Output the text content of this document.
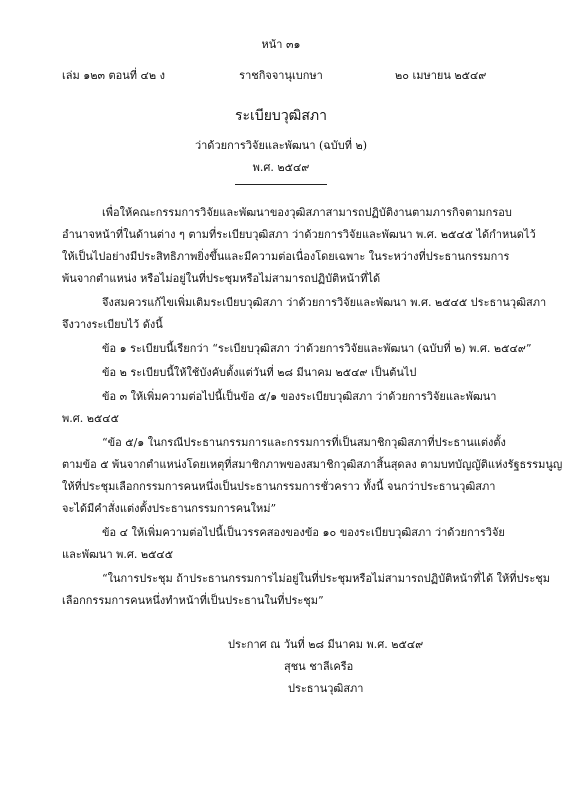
หน้า ๓๑
เล่ม ๑๒๓ ตอนที่ ๔๒ ง	ราชกิจจานุเบกษา	๒๐ เมษายน ๒๕๔๙
ระเบียบวุฒิสภา
ว่าด้วยการวิจัยและพัฒนา (ฉบับที่ ๒)
พ.ศ. ๒๕๔๙
เพื่อให้คณะกรรมการวิจัยและพัฒนาของวุฒิสภาสามารถปฏิบัติงานตามภารกิจตามกรอบ
อำนาจหน้าที่ในด้านต่าง ๆ ตามที่ระเบียบวุฒิสภา ว่าด้วยการวิจัยและพัฒนา พ.ศ. ๒๕๔๕ ได้กำหนดไว้
ให้เป็นไปอย่างมีประสิทธิภาพยิ่งขึ้นและมีความต่อเนื่องโดยเฉพาะ ในระหว่างที่ประธานกรรมการ
พ้นจากตำแหน่ง หรือไม่อยู่ในที่ประชุมหรือไม่สามารถปฏิบัติหน้าที่ได้
จึงสมควรแก้ไขเพิ่มเติมระเบียบวุฒิสภา ว่าด้วยการวิจัยและพัฒนา พ.ศ. ๒๕๔๕ ประธานวุฒิสภา
จึงวางระเบียบไว้ ดังนี้
ข้อ ๑ ระเบียบนี้เรียกว่า “ระเบียบวุฒิสภา ว่าด้วยการวิจัยและพัฒนา (ฉบับที่ ๒) พ.ศ. ๒๕๔๙”
ข้อ ๒ ระเบียบนี้ให้ใช้บังคับตั้งแต่วันที่ ๒๘ มีนาคม ๒๕๔๙ เป็นต้นไป
ข้อ ๓ ให้เพิ่มความต่อไปนี้เป็นข้อ ๕/๑ ของระเบียบวุฒิสภา ว่าด้วยการวิจัยและพัฒนา
พ.ศ. ๒๕๔๕
“ข้อ ๕/๑ ในกรณีประธานกรรมการและกรรมการที่เป็นสมาชิกวุฒิสภาที่ประธานแต่งตั้ง
ตามข้อ ๕ พ้นจากตำแหน่งโดยเหตุที่สมาชิกภาพของสมาชิกวุฒิสภาสิ้นสุดลง ตามบทบัญญัติแห่งรัฐธรรมนูญ
ให้ที่ประชุมเลือกกรรมการคนหนึ่งเป็นประธานกรรมการชั่วคราว ทั้งนี้ จนกว่าประธานวุฒิสภา
จะได้มีคำสั่งแต่งตั้งประธานกรรมการคนใหม่”
ข้อ ๔ ให้เพิ่มความต่อไปนี้เป็นวรรคสองของข้อ ๑๐ ของระเบียบวุฒิสภา ว่าด้วยการวิจัย
และพัฒนา พ.ศ. ๒๕๔๕
“ในการประชุม ถ้าประธานกรรมการไม่อยู่ในที่ประชุมหรือไม่สามารถปฏิบัติหน้าที่ได้ ให้ที่ประชุม
เลือกกรรมการคนหนึ่งทำหน้าที่เป็นประธานในที่ประชุม”
ประกาศ ณ วันที่ ๒๘ มีนาคม พ.ศ. ๒๕๔๙
สุชน ชาลีเครือ
ประธานวุฒิสภา
